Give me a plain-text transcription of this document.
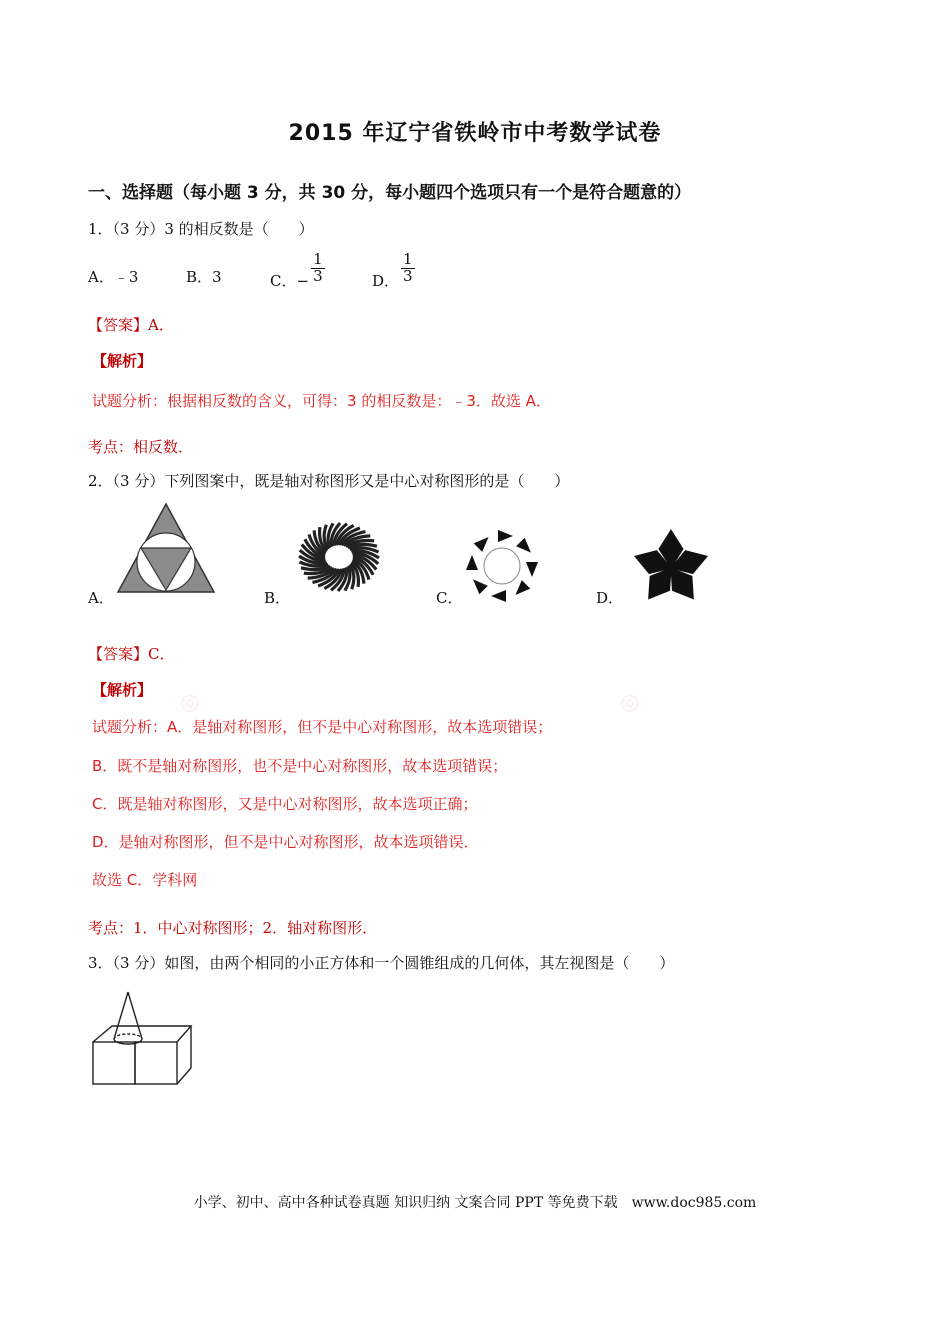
2015 年辽宁省铁岭市中考数学试卷
一、选择题（每小题 3 分，共 30 分，每小题四个选项只有一个是符合题意的）
1．（3 分）3 的相反数是（　　）
A．﹣3	B．3	C．− $\frac{1}{3}$	D． $\frac{1}{3}$
【答案】A．
【解析】
试题分析：根据相反数的含义，可得：3 的相反数是：﹣3．故选 A．
考点：相反数．
2．（3 分）下列图案中，既是轴对称图形又是中心对称图形的是（　　）
A．	B．	C．	D．
【答案】C．
【解析】
试题分析：A．是轴对称图形，但不是中心对称图形，故本选项错误；
B．既不是轴对称图形，也不是中心对称图形，故本选项错误；
C．既是轴对称图形，又是中心对称图形，故本选项正确；
D．是轴对称图形，但不是中心对称图形，故本选项错误．
故选 C．学科网
◎	◎
考点：1．中心对称图形；2．轴对称图形．
3．（3 分）如图，由两个相同的小正方体和一个圆锥组成的几何体，其左视图是（　　）
小学、初中、高中各种试卷真题 知识归纳 文案合同 PPT 等免费下载　www.doc985.com
